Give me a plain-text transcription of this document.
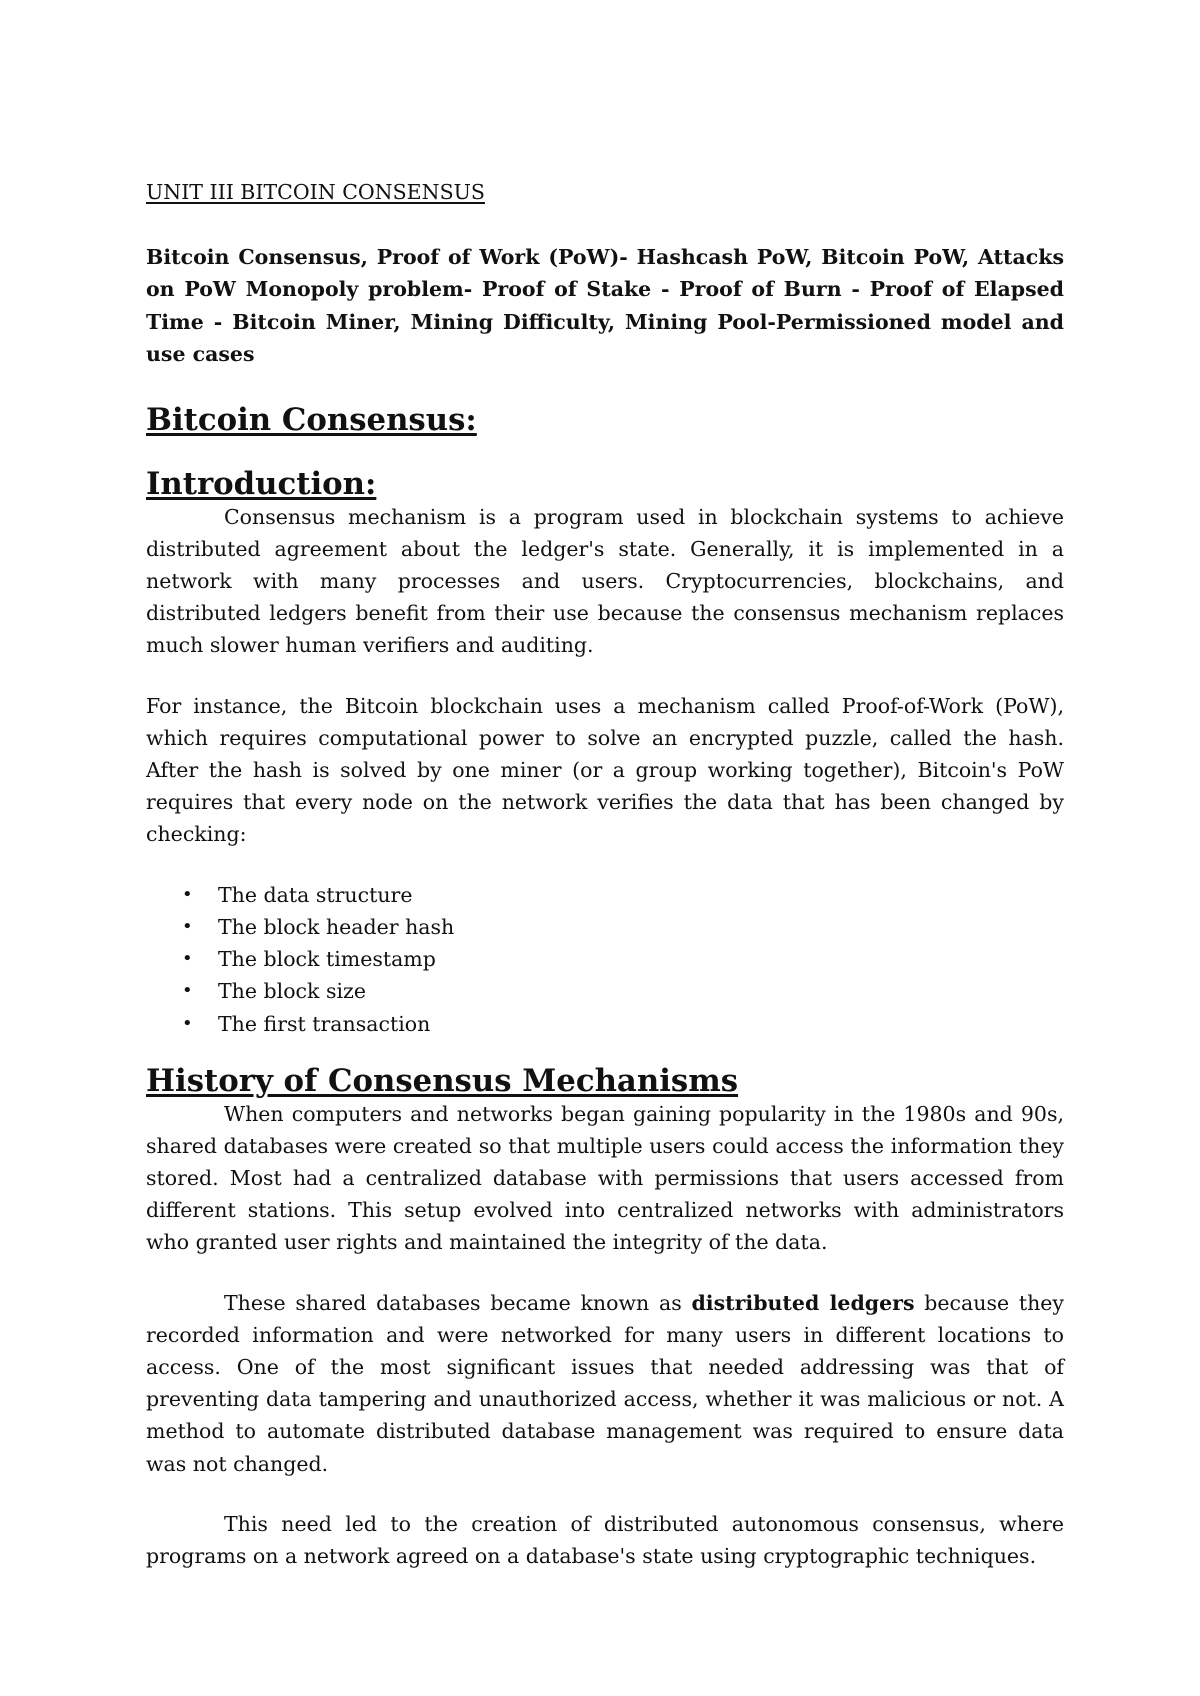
UNIT III BITCOIN CONSENSUS

Bitcoin Consensus, Proof of Work (PoW)- Hashcash PoW, Bitcoin PoW, Attacks on PoW Monopoly problem- Proof of Stake - Proof of Burn - Proof of Elapsed Time - Bitcoin Miner, Mining Difficulty, Mining Pool-Permissioned model and use cases

Bitcoin Consensus:
Introduction:

Consensus mechanism is a program used in blockchain systems to achieve distributed agreement about the ledger's state. Generally, it is implemented in a network with many processes and users. Cryptocurrencies, blockchains, and distributed ledgers benefit from their use because the consensus mechanism replaces much slower human verifiers and auditing.

For instance, the Bitcoin blockchain uses a mechanism called Proof-of-Work (PoW), which requires computational power to solve an encrypted puzzle, called the hash. After the hash is solved by one miner (or a group working together), Bitcoin's PoW requires that every node on the network verifies the data that has been changed by checking:

• The data structure
• The block header hash
• The block timestamp
• The block size
• The first transaction
History of Consensus Mechanisms

When computers and networks began gaining popularity in the 1980s and 90s, shared databases were created so that multiple users could access the information they stored. Most had a centralized database with permissions that users accessed from different stations. This setup evolved into centralized networks with administrators who granted user rights and maintained the integrity of the data.

These shared databases became known as distributed ledgers because they recorded information and were networked for many users in different locations to access. One of the most significant issues that needed addressing was that of preventing data tampering and unauthorized access, whether it was malicious or not. A method to automate distributed database management was required to ensure data was not changed.

This need led to the creation of distributed autonomous consensus, where programs on a network agreed on a database's state using cryptographic techniques.
